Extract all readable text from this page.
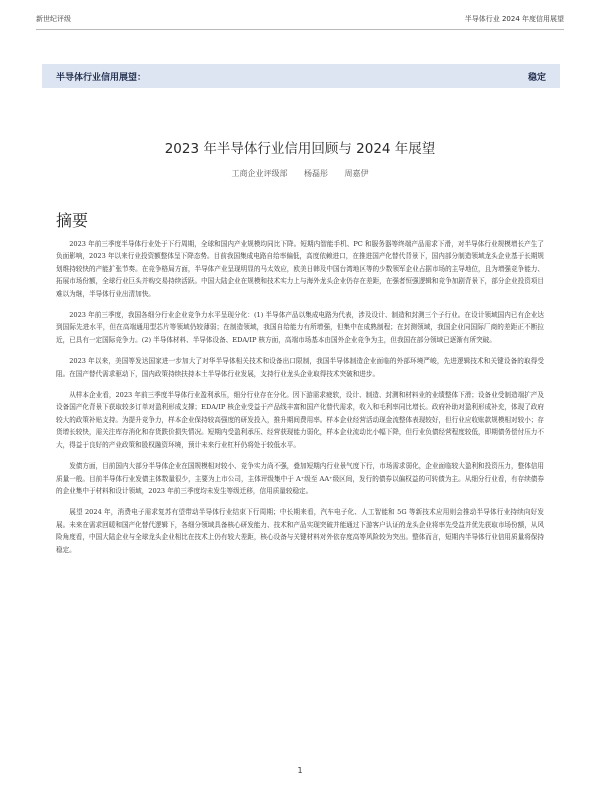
新世纪评级	半导体行业 2024 年度信用展望
半导体行业信用展望：	稳定
2023 年半导体行业信用回顾与 2024 年展望
工商企业评级部 杨磊彤 周嘉伊
摘要

2023 年前三季度半导体行业处于下行周期，全球和国内产业规模均同比下降。短期内智能手机、PC 和服务器等终端产品需求下滑，对半导体行业规模增长产生了负面影响，2023 年以来行业投资额整体呈下降态势。目前我国集成电路自给率偏低，高度依赖进口，在推进国产化替代背景下，国内部分制造领域龙头企业基于长期规划维持较快的产能扩张节奏。在竞争格局方面，半导体产业呈现明显的马太效应，欧美日韩及中国台湾地区等的少数领军企业占据市场的主导地位，且为增强竞争能力、拓展市场份额，全球行业巨头并购交易持续活跃。中国大陆企业在规模和技术实力上与海外龙头企业仍存在差距，在强者恒强逻辑和竞争加剧背景下，部分企业投资项目难以为继，半导体行业出清加快。

2023 年前三季度，我国各细分行业企业竞争力水平呈现分化：(1) 半导体产品以集成电路为代表，涉及设计、制造和封测三个子行业。在设计领域国内已有企业达到国际先进水平，但在高端通用型芯片等领域仍较薄弱；在制造领域，我国自给能力有所增强，但集中在成熟制程；在封测领域，我国企业同国际厂商的差距正不断拉近，已具有一定国际竞争力。(2) 半导体材料、半导体设备、EDA/IP 核方面，高端市场基本由国外企业竞争为主，但我国在部分领域已逐渐有所突破。

2023 年以来，美国等发达国家进一步加大了对华半导体相关技术和设备出口限制，我国半导体制造企业面临的外部环境严峻，先进逻辑技术和关键设备的取得受阻。在国产替代需求驱动下，国内政策持续扶持本土半导体行业发展，支持行业龙头企业取得技术突破和进步。

从样本企业看，2023 年前三季度半导体行业盈利承压，细分行业存在分化。因下游需求疲软，设计、制造、封测和材料业的业绩整体下滑；设备业受制造端扩产及设备国产化背景下获取较多订单对盈利形成支撑；EDA/IP 核企业受益于产品线丰富和国产化替代需求，收入和毛利率同比增长。政府补助对盈利形成补充，体现了政府较大的政策补贴支持。为提升竞争力，样本企业保持较高强度的研发投入，推升期间费用率。样本企业经营活动现金流整体表现较好，但行业应收账款规模相对较小；存货增长较快，需关注库存消化和存货跌价损失情况。短期内受盈利承压、经营获现能力弱化，样本企业流动比小幅下降，但行业负债经营程度较低，即期债务偿付压力不大，得益于良好的产业政策和股权融资环境，预计未来行业杠杆仍将处于较低水平。

发债方面，目前国内大部分半导体企业在国规模相对较小、竞争实力尚不强，叠加短期内行业景气度下行，市场需求弱化，企业面临较大盈利和投资压力，整体信用质量一般。目前半导体行业发债主体数量很少，主要为上市公司，主体评级集中于 A⁺级至 AA⁺级区间，发行的债券以偏权益的可转债为主。从细分行业看，有存续债券的企业集中于材料和设计领域，2023 年前三季度均未发生等级迁移，信用质量较稳定。

展望 2024 年，消费电子需求复苏有望带动半导体行业结束下行周期；中长期来看，汽车电子化、人工智能和 5G 等新技术应用则会推动半导体行业持续向好发展。未来在需求回暖和国产化替代逻辑下，各细分领域具备核心研发能力、技术和产品实现突破并能通过下游客户认证的龙头企业将率先受益并优先获取市场份额，从风险角度看，中国大陆企业与全球龙头企业相比在技术上仍有较大差距，核心设备与关键材料对外依存度高等风险较为突出。整体而言，短期内半导体行业信用质量将保持稳定。

1
